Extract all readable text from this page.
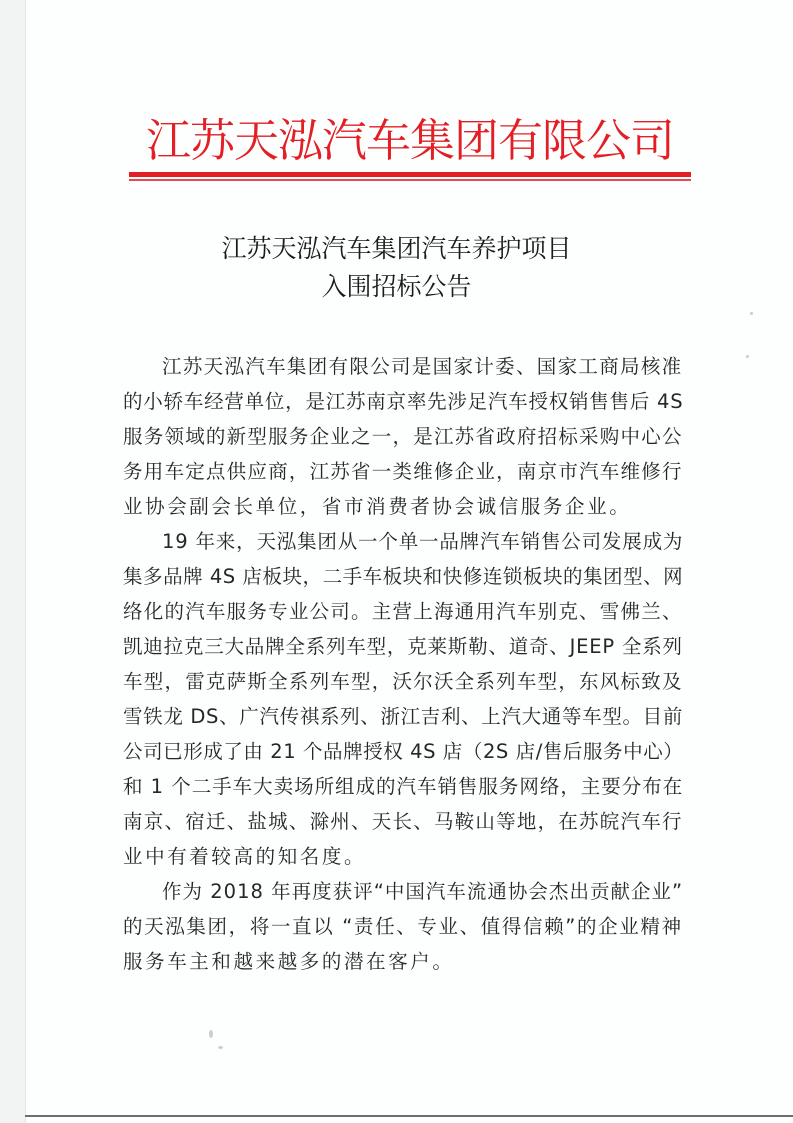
江苏天泓汽车集团有限公司
江苏天泓汽车集团汽车养护项目
入围招标公告
江苏天泓汽车集团有限公司是国家计委、国家工商局核准
的小轿车经营单位，是江苏南京率先涉足汽车授权销售售后 4S
服务领域的新型服务企业之一，是江苏省政府招标采购中心公
务用车定点供应商，江苏省一类维修企业，南京市汽车维修行
业协会副会长单位，省市消费者协会诚信服务企业。
19 年来，天泓集团从一个单一品牌汽车销售公司发展成为
集多品牌 4S 店板块，二手车板块和快修连锁板块的集团型、网
络化的汽车服务专业公司。主营上海通用汽车别克、雪佛兰、
凯迪拉克三大品牌全系列车型，克莱斯勒、道奇、JEEP 全系列
车型，雷克萨斯全系列车型，沃尔沃全系列车型，东风标致及
雪铁龙 DS、广汽传祺系列、浙江吉利、上汽大通等车型。目前
公司已形成了由 21 个品牌授权 4S 店（2S 店/售后服务中心）
和 1 个二手车大卖场所组成的汽车销售服务网络，主要分布在
南京、宿迁、盐城、滁州、天长、马鞍山等地，在苏皖汽车行
业中有着较高的知名度。
作为 2018 年再度获评“中国汽车流通协会杰出贡献企业”
的天泓集团，将一直以 “责任、专业、值得信赖”的企业精神
服务车主和越来越多的潜在客户。
